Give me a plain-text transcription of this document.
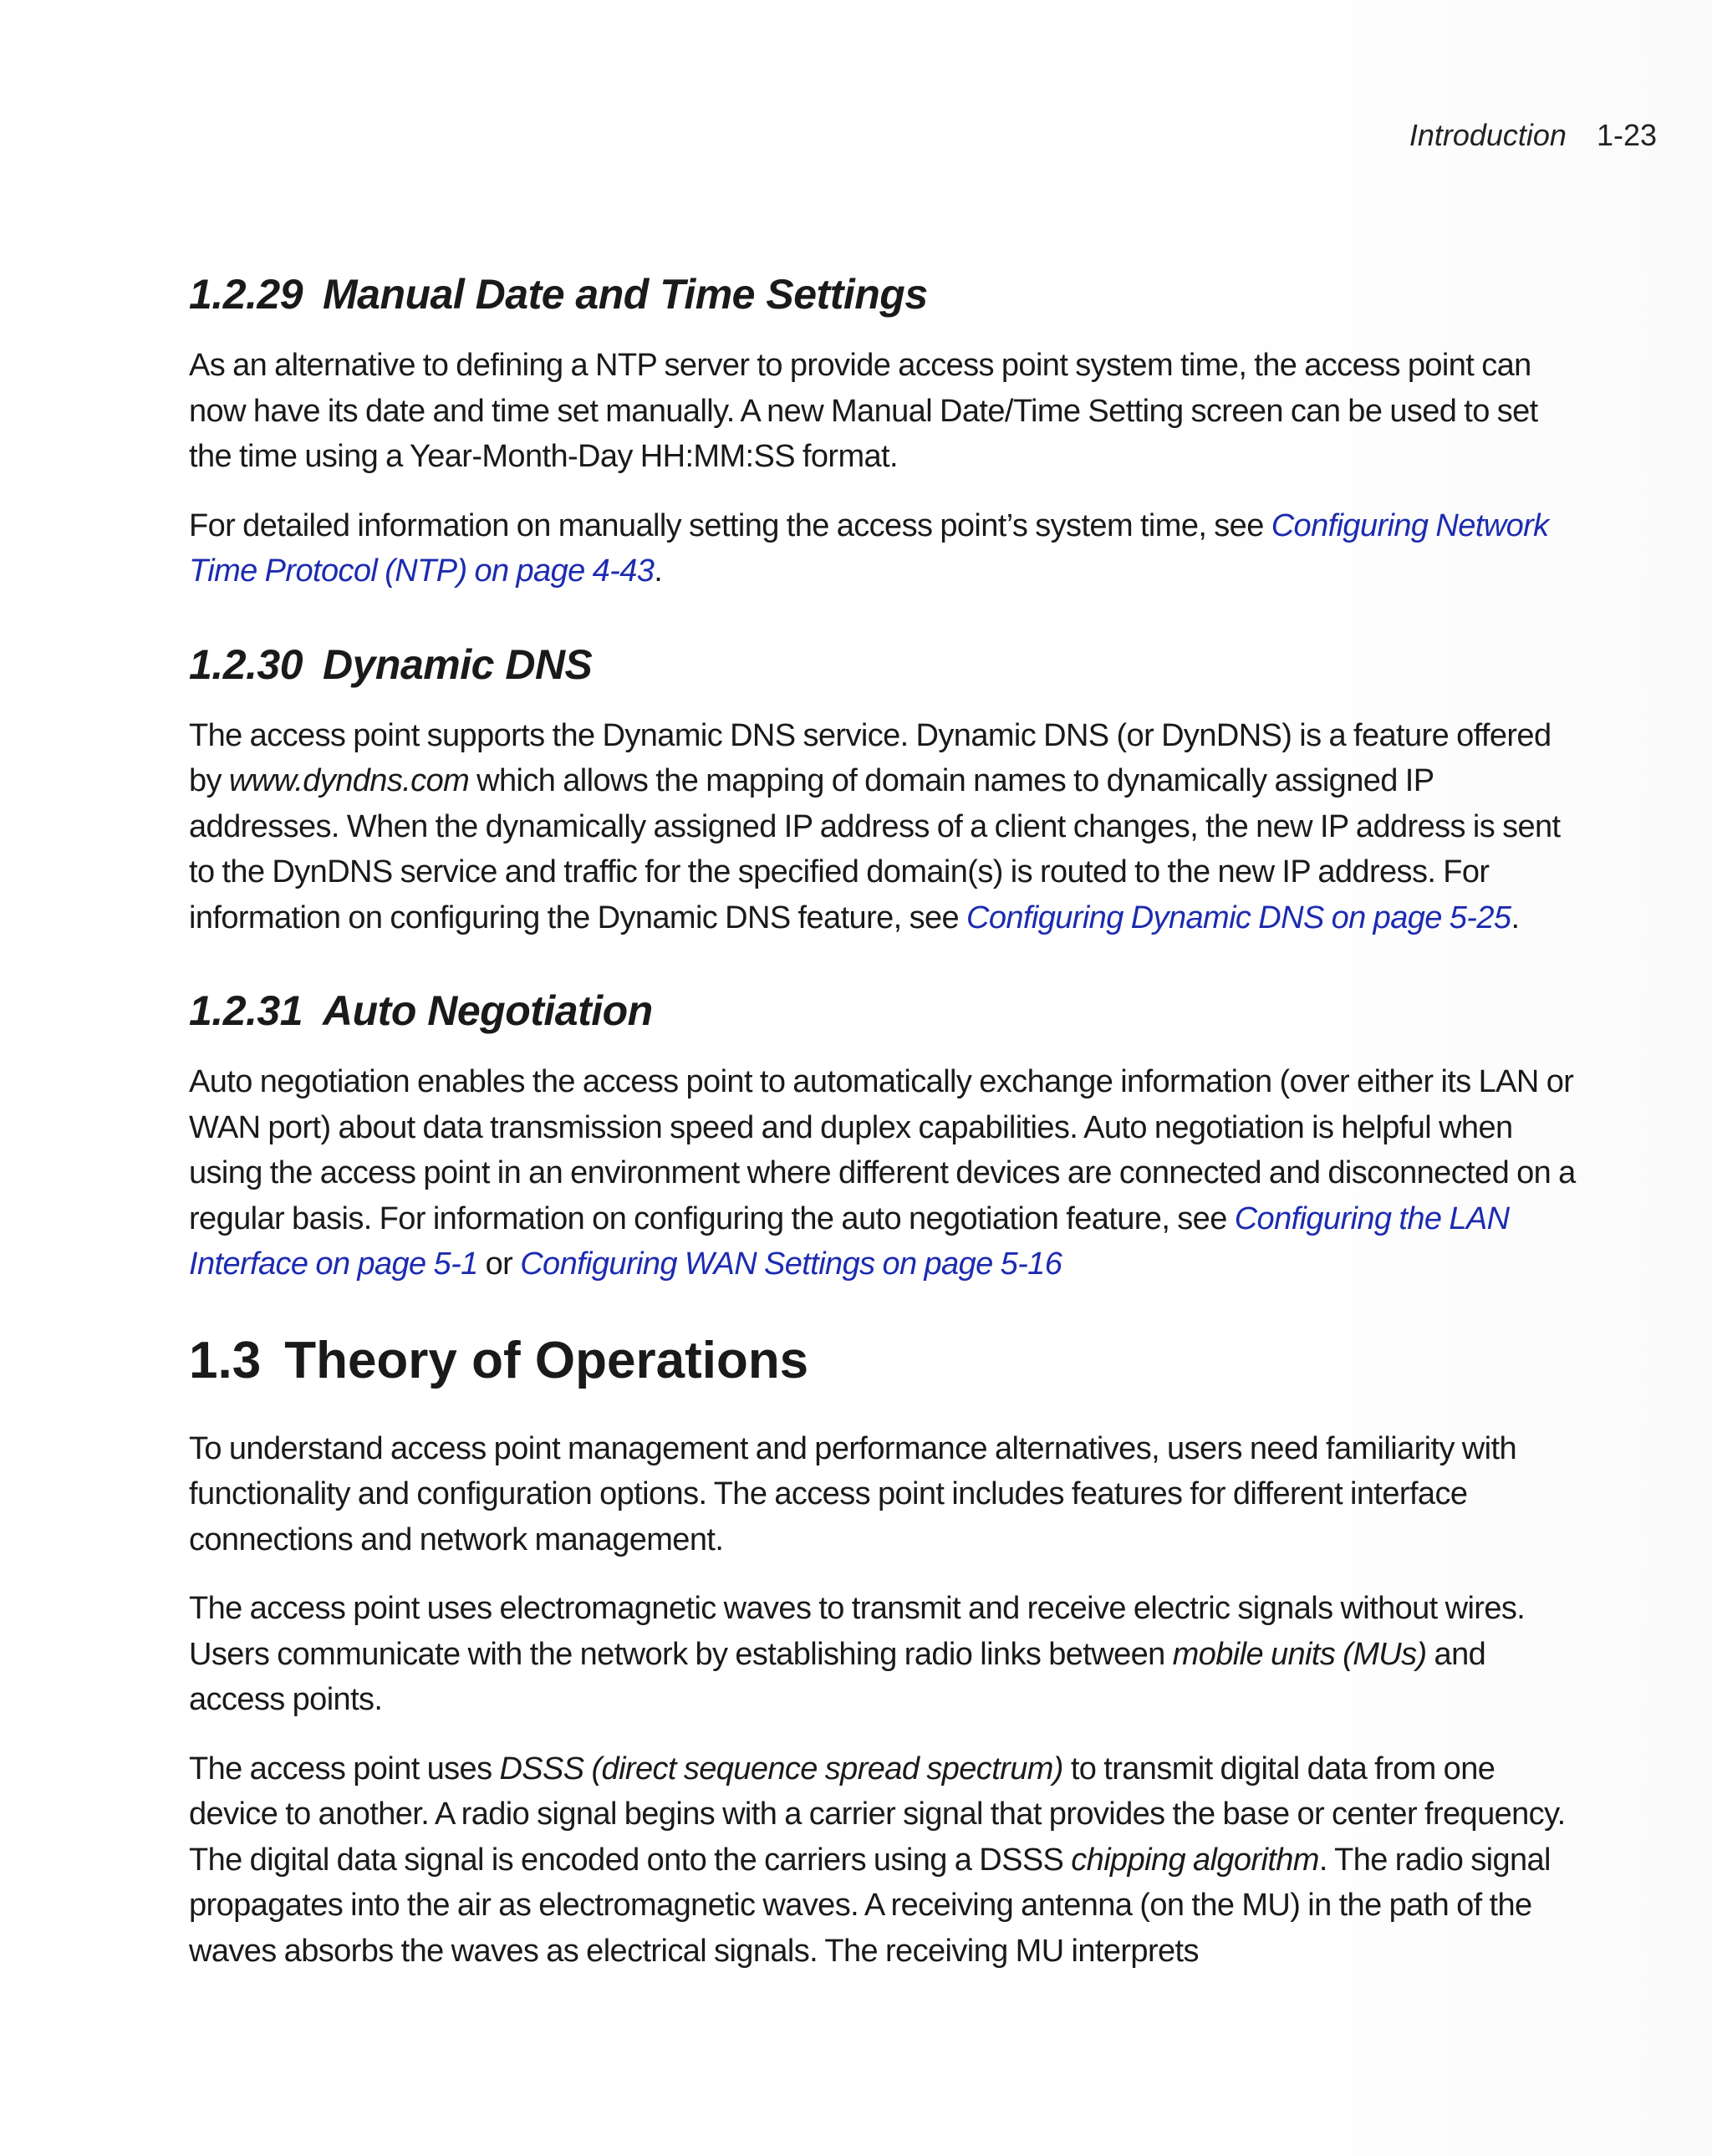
Introduction 1-23
1.2.29 Manual Date and Time Settings

As an alternative to defining a NTP server to provide access point system time, the access point can now have its date and time set manually. A new Manual Date/Time Setting screen can be used to set the time using a Year-Month-Day HH:MM:SS format.

For detailed information on manually setting the access point’s system time, see Configuring Network Time Protocol (NTP) on page 4-43.

1.2.30 Dynamic DNS

The access point supports the Dynamic DNS service. Dynamic DNS (or DynDNS) is a feature offered by www.dyndns.com which allows the mapping of domain names to dynamically assigned IP addresses. When the dynamically assigned IP address of a client changes, the new IP address is sent to the DynDNS service and traffic for the specified domain(s) is routed to the new IP address. For information on configuring the Dynamic DNS feature, see Configuring Dynamic DNS on page 5-25.

1.2.31 Auto Negotiation

Auto negotiation enables the access point to automatically exchange information (over either its LAN or WAN port) about data transmission speed and duplex capabilities. Auto negotiation is helpful when using the access point in an environment where different devices are connected and disconnected on a regular basis. For information on configuring the auto negotiation feature, see Configuring the LAN Interface on page 5-1 or Configuring WAN Settings on page 5-16

1.3 Theory of Operations

To understand access point management and performance alternatives, users need familiarity with functionality and configuration options. The access point includes features for different interface connections and network management.

The access point uses electromagnetic waves to transmit and receive electric signals without wires. Users communicate with the network by establishing radio links between mobile units (MUs) and access points.

The access point uses DSSS (direct sequence spread spectrum) to transmit digital data from one device to another. A radio signal begins with a carrier signal that provides the base or center frequency. The digital data signal is encoded onto the carriers using a DSSS chipping algorithm. The radio signal propagates into the air as electromagnetic waves. A receiving antenna (on the MU) in the path of the waves absorbs the waves as electrical signals. The receiving MU interprets
